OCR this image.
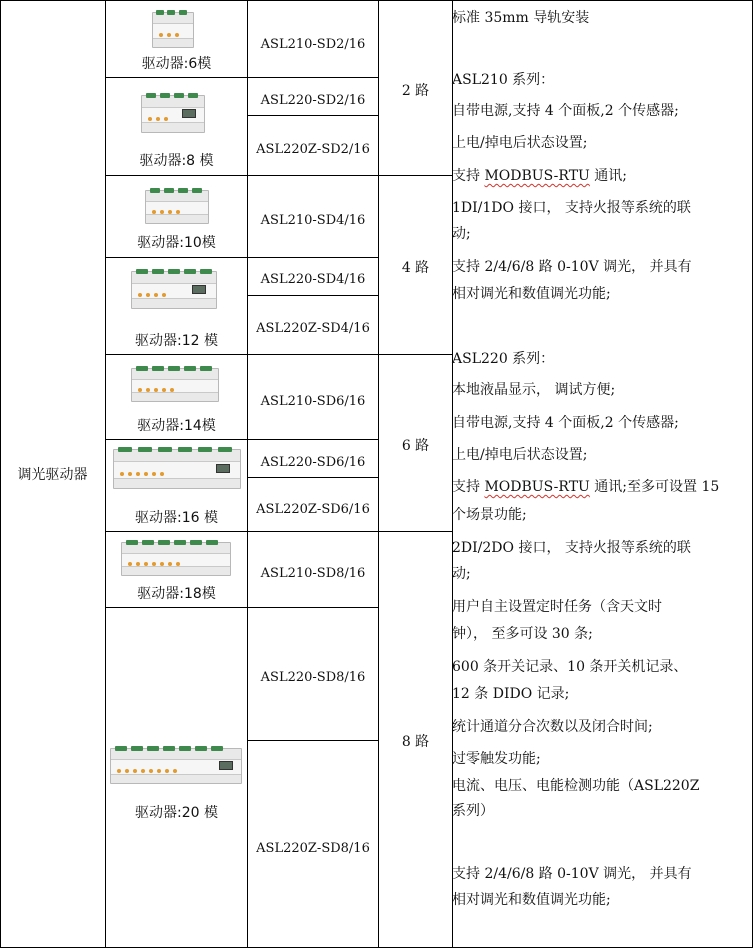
调光驱动器
驱动器:6模
驱动器:8 模
驱动器:10模
驱动器:12 模
驱动器:14模
驱动器:16 模
驱动器:18模
驱动器:20 模
ASL210-SD2/16
ASL220-SD2/16
ASL220Z-SD2/16
ASL210-SD4/16
ASL220-SD4/16
ASL220Z-SD4/16
ASL210-SD6/16
ASL220-SD6/16
ASL220Z-SD6/16
ASL210-SD8/16
ASL220-SD8/16
ASL220Z-SD8/16
2 路
4 路
6 路
8 路
标准 35mm 导轨安装
ASL210 系列：
自带电源,支持 4 个面板,2 个传感器;
上电/掉电后状态设置;
支持 MODBUS-RTU 通讯;
1DI/1DO 接口， 支持火报等系统的联
动;
支持 2/4/6/8 路 0-10V 调光， 并具有
相对调光和数值调光功能;
ASL220 系列：
本地液晶显示， 调试方便;
自带电源,支持 4 个面板,2 个传感器;
上电/掉电后状态设置;
支持 MODBUS-RTU 通讯;至多可设置 15
个场景功能;
2DI/2DO 接口， 支持火报等系统的联
动;
用户自主设置定时任务（含天文时
钟）， 至多可设 30 条;
600 条开关记录、10 条开关机记录、
12 条 DIDO 记录;
统计通道分合次数以及闭合时间;
过零触发功能;
电流、电压、电能检测功能（ASL220Z
系列）
支持 2/4/6/8 路 0-10V 调光， 并具有
相对调光和数值调光功能;
